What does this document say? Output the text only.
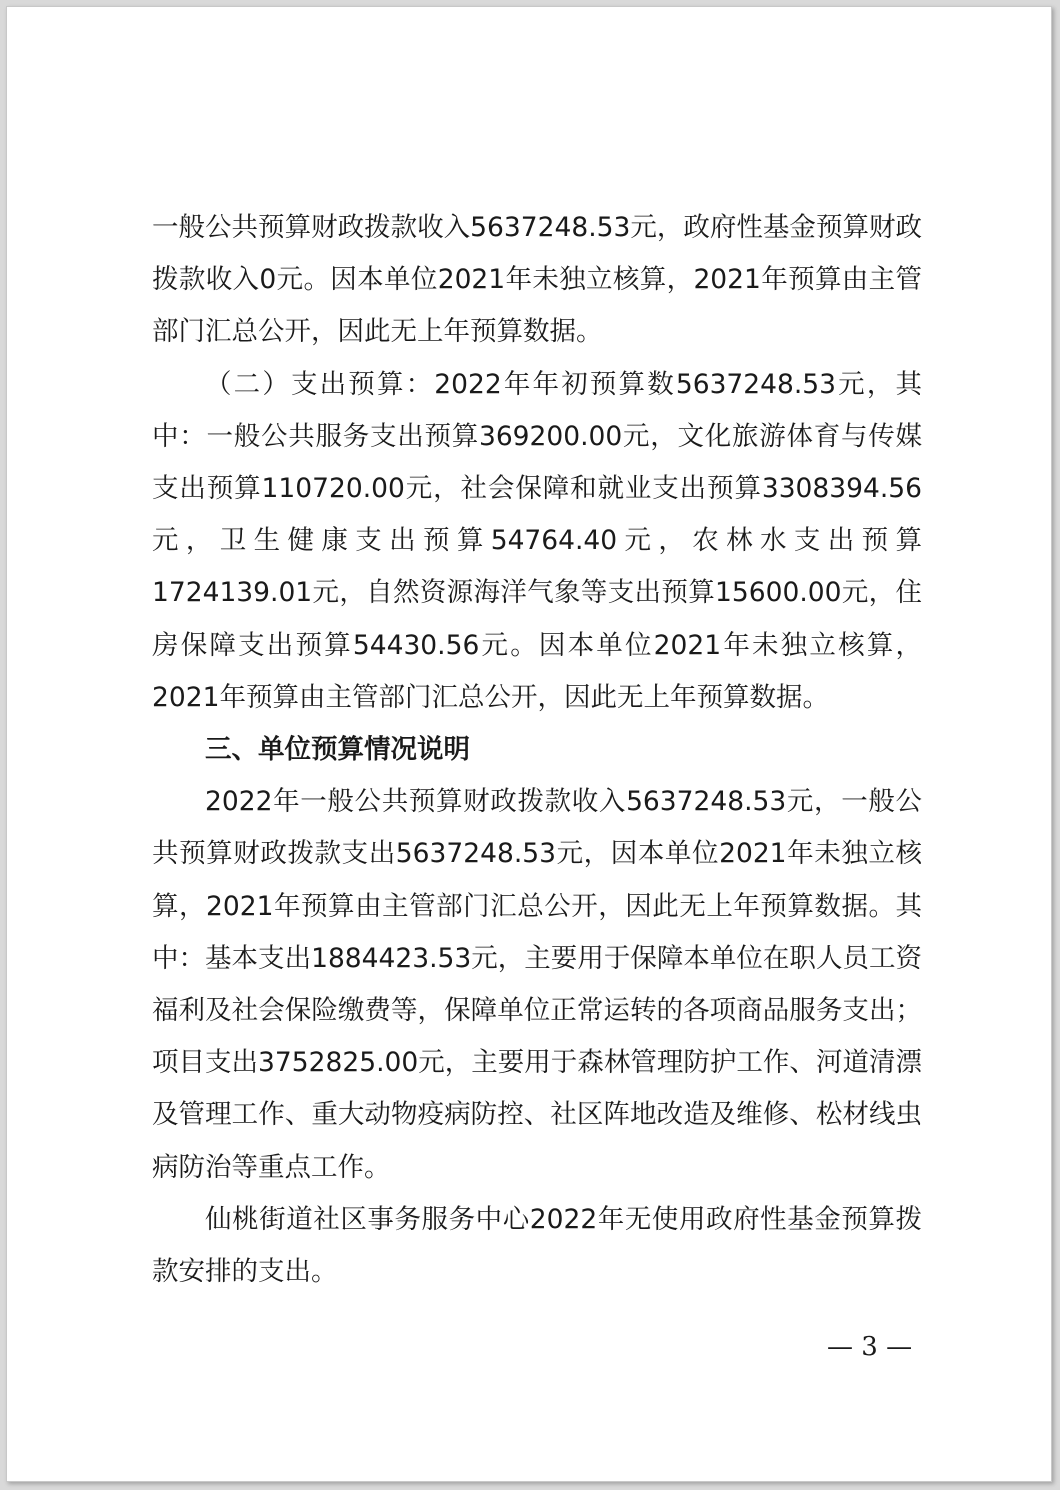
一般公共预算财政拨款收入5637248.53元，政府性基金预算财政拨款收入0元。因本单位2021年未独立核算，2021年预算由主管部门汇总公开，因此无上年预算数据。

（二）支出预算：2022年年初预算数5637248.53元，其中：一般公共服务支出预算369200.00元，文化旅游体育与传媒支出预算110720.00元，社会保障和就业支出预算3308394.56元，卫生健康支出预算54764.40元，农林水支出预算1724139.01元，自然资源海洋气象等支出预算15600.00元，住房保障支出预算54430.56元。因本单位2021年未独立核算，2021年预算由主管部门汇总公开，因此无上年预算数据。

三、单位预算情况说明

2022年一般公共预算财政拨款收入5637248.53元，一般公共预算财政拨款支出5637248.53元，因本单位2021年未独立核算，2021年预算由主管部门汇总公开，因此无上年预算数据。其中：基本支出1884423.53元，主要用于保障本单位在职人员工资福利及社会保险缴费等，保障单位正常运转的各项商品服务支出；项目支出3752825.00元，主要用于森林管理防护工作、河道清漂及管理工作、重大动物疫病防控、社区阵地改造及维修、松材线虫病防治等重点工作。

仙桃街道社区事务服务中心2022年无使用政府性基金预算拨款安排的支出。

— 3 —
